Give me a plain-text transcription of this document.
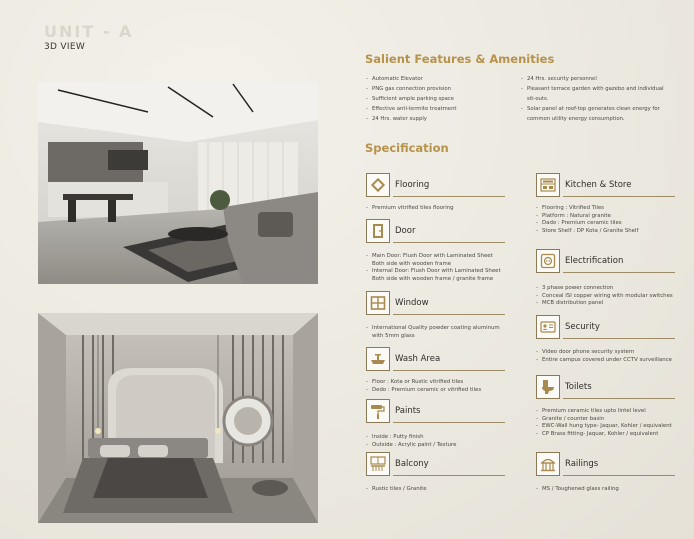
UNIT - A
3D VIEW
Salient Features & Amenities
- Automatic Elevator
- PNG gas connection provision
- Sufficient ample parking space
- Effective anti-termite treatment
- 24 Hrs. water supply
- 24 Hrs. security personnel
- Pleasant terrace garden with gazebo and individual sit-outs.
- Solar panel at roof-top generates clean energy for common utility energy consumption.
Specification
Flooring
- Premium vitrified tiles flooring
Door
- Main Door: Flush Door with Laminated Sheet Both side with wooden frame
- Internal Door: Flush Door with Laminated Sheet Both side with wooden frame / granite frame
Window
- International Quality powder coating aluminum with 5mm glass
Wash Area
- Floor : Kota or Rustic vitrified tiles
- Dedo : Premium ceramic or vitrified tiles
Paints
- Inside : Putty finish
- Outside : Acrylic paint / Texture
Balcony
- Rustic tiles / Granite
Kitchen & Store
- Flooring : Vitrified Tiles
- Platform : Natural granite
- Dado : Premium ceramic tiles
- Store Shelf : DP Kota / Granite Shelf
Electrification
- 3 phase power connection
- Conceal ISI copper wiring with modular switches
- MCB distribution panel
Security
- Video door phone security system
- Entire campus covered under CCTV surveillance
Toilets
- Premium ceramic tiles upto lintel level
- Granite / counter basin
- EWC-Wall hung type- Jaquar, Kohler / equivalent
- CP Brass fitting- Jaquar, Kohler / equivalent
Railings
- MS / Toughened glass railing
